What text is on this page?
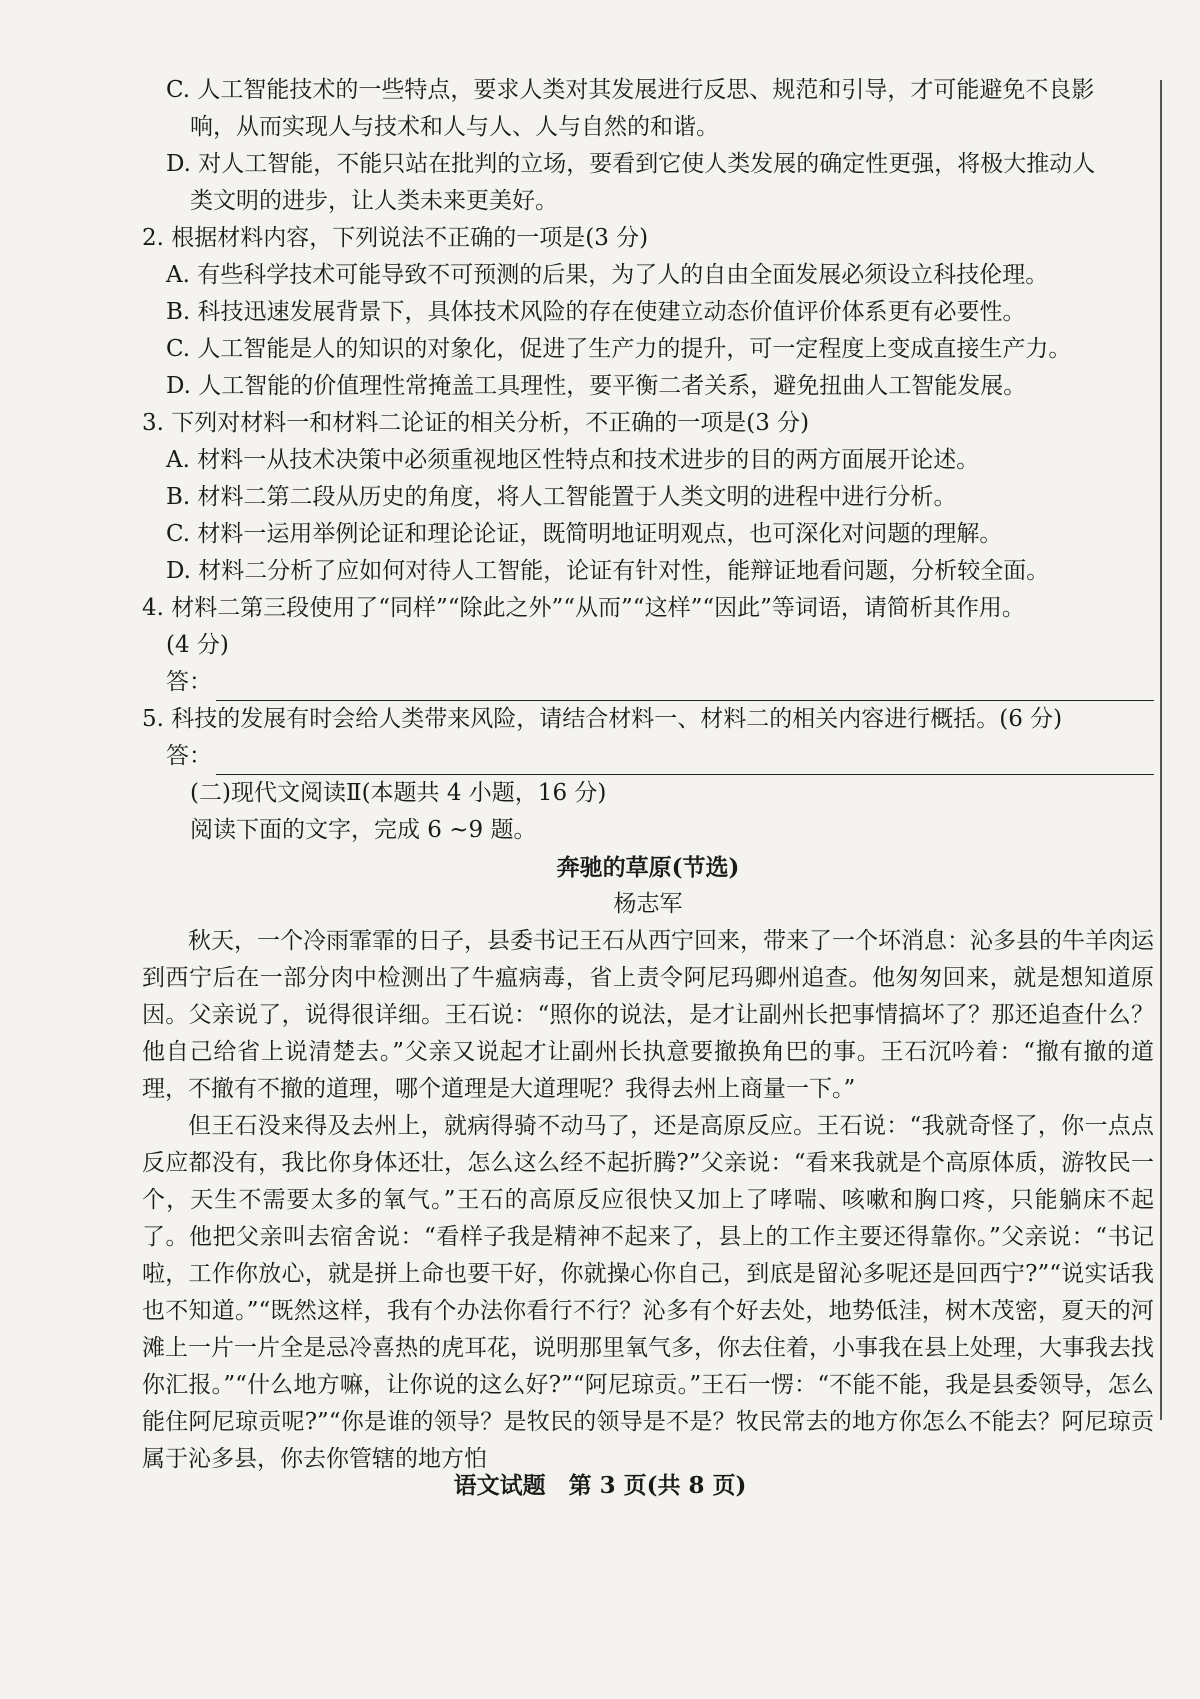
C. 人工智能技术的一些特点，要求人类对其发展进行反思、规范和引导，才可能避免不良影
响，从而实现人与技术和人与人、人与自然的和谐。
D. 对人工智能，不能只站在批判的立场，要看到它使人类发展的确定性更强，将极大推动人
类文明的进步，让人类未来更美好。
2. 根据材料内容，下列说法不正确的一项是(3 分)
A. 有些科学技术可能导致不可预测的后果，为了人的自由全面发展必须设立科技伦理。
B. 科技迅速发展背景下，具体技术风险的存在使建立动态价值评价体系更有必要性。
C. 人工智能是人的知识的对象化，促进了生产力的提升，可一定程度上变成直接生产力。
D. 人工智能的价值理性常掩盖工具理性，要平衡二者关系，避免扭曲人工智能发展。
3. 下列对材料一和材料二论证的相关分析，不正确的一项是(3 分)
A. 材料一从技术决策中必须重视地区性特点和技术进步的目的两方面展开论述。
B. 材料二第二段从历史的角度，将人工智能置于人类文明的进程中进行分析。
C. 材料一运用举例论证和理论论证，既简明地证明观点，也可深化对问题的理解。
D. 材料二分析了应如何对待人工智能，论证有针对性，能辩证地看问题，分析较全面。
4. 材料二第三段使用了“同样”“除此之外”“从而”“这样”“因此”等词语，请简析其作用。
(4 分)
答：
5. 科技的发展有时会给人类带来风险，请结合材料一、材料二的相关内容进行概括。(6 分)
答：
(二)现代文阅读Ⅱ(本题共 4 小题，16 分)
阅读下面的文字，完成 6 ~9 题。
奔驰的草原(节选)
杨志军
秋天，一个冷雨霏霏的日子，县委书记王石从西宁回来，带来了一个坏消息：沁多县的牛羊肉运到西宁后在一部分肉中检测出了牛瘟病毒，省上责令阿尼玛卿州追查。他匆匆回来，就是想知道原因。父亲说了，说得很详细。王石说：“照你的说法，是才让副州长把事情搞坏了？那还追查什么？他自己给省上说清楚去。”父亲又说起才让副州长执意要撤换角巴的事。王石沉吟着：“撤有撤的道理，不撤有不撤的道理，哪个道理是大道理呢？我得去州上商量一下。”
但王石没来得及去州上，就病得骑不动马了，还是高原反应。王石说：“我就奇怪了，你一点点反应都没有，我比你身体还壮，怎么这么经不起折腾?”父亲说：“看来我就是个高原体质，游牧民一个，天生不需要太多的氧气。”王石的高原反应很快又加上了哮喘、咳嗽和胸口疼，只能躺床不起了。他把父亲叫去宿舍说：“看样子我是精神不起来了，县上的工作主要还得靠你。”父亲说：“书记啦，工作你放心，就是拼上命也要干好，你就操心你自己，到底是留沁多呢还是回西宁?”“说实话我也不知道。”“既然这样，我有个办法你看行不行？沁多有个好去处，地势低洼，树木茂密，夏天的河滩上一片一片全是忌冷喜热的虎耳花，说明那里氧气多，你去住着，小事我在县上处理，大事我去找你汇报。”“什么地方嘛，让你说的这么好?”“阿尼琼贡。”王石一愣：“不能不能，我是县委领导，怎么能住阿尼琼贡呢?”“你是谁的领导？是牧民的领导是不是？牧民常去的地方你怎么不能去？阿尼琼贡属于沁多县，你去你管辖的地方怕
语文试题　第 3 页(共 8 页)
